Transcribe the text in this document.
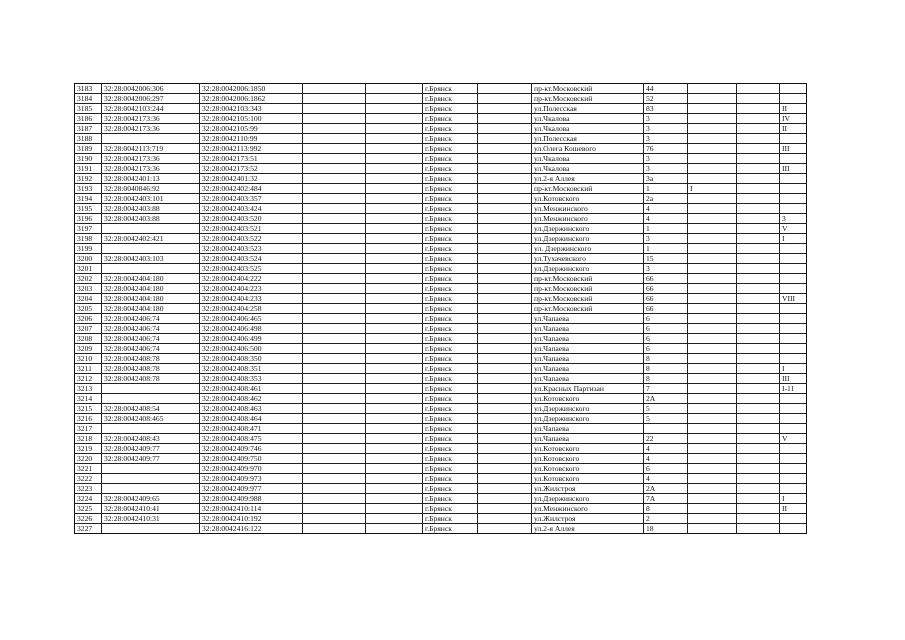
3183	32:28:0042006:306	32:28:0042006:1850			г.Брянск		пр-кт.Московский	44			
3184	32:28:0042006:297	32:28:0042006:1862			г.Брянск		пр-кт.Московский	52			
3185	32:28:0042103:244	32:28:0042103:343			г.Брянск		ул.Полесская	83			II
3186	32:28:0042173:36	32:28:0042105:100			г.Брянск		ул.Чкалова	3			IV
3187	32:28:0042173:36	32:28:0042105:99			г.Брянск		ул.Чкалова	3			II
3188		32:28:0042110:99			г.Брянск		ул.Полесская	3			
3189	32:28:0042113:719	32:28:0042113:992			г.Брянск		ул.Олега Кошевого	76			III
3190	32:28:0042173:36	32:28:0042173:51			г.Брянск		ул.Чкалова	3			
3191	32:28:0042173:36	32:28:0042173:52			г.Брянск		ул.Чкалова	3			III
3192	32:28:0042401:13	32:28:0042401:32			г.Брянск		ул.2-я Аллея	3а			
3193	32:28:0040846:92	32:28:0042402:484			г.Брянск		пр-кт.Московский	1	I		
3194	32:28:0042403:101	32:28:0042403:357			г.Брянск		ул.Котовского	2а			
3195	32:28:0042403:88	32:28:0042403:424			г.Брянск		ул.Менжинского	4			
3196	32:28:0042403:88	32:28:0042403:520			г.Брянск		ул.Менжинского	4			3
3197		32:28:0042403:521			г.Брянск		ул.Дзержинского	1			V
3198	32:28:0042402:421	32:28:0042403:522			г.Брянск		ул.Дзержинского	3			I
3199		32:28:0042403:523			г.Брянск		ул. Дзержинского	1			
3200	32:28:0042403:103	32:28:0042403:524			г.Брянск		ул.Тухачевского	15			
3201		32:28:0042403:525			г.Брянск		ул.Дзержинского	3			
3202	32:28:0042404:180	32:28:0042404:222			г.Брянск		пр-кт.Московский	66			
3203	32:28:0042404:180	32:28:0042404:223			г.Брянск		пр-кт.Московский	66			
3204	32:28:0042404:180	32:28:0042404:233			г.Брянск		пр-кт.Московский	66			VIII
3205	32:28:0042404:180	32:28:0042404:258			г.Брянск		пр-кт.Московский	66			
3206	32:28:0042406:74	32:28:0042406:465			г.Брянск		ул.Чапаева	6			
3207	32:28:0042406:74	32:28:0042406:498			г.Брянск		ул.Чапаева	6			
3208	32:28:0042406:74	32:28:0042406:499			г.Брянск		ул.Чапаева	6			
3209	32:28:0042406:74	32:28:0042406:500			г.Брянск		ул.Чапаева	6			
3210	32:28:0042408:78	32:28:0042408:350			г.Брянск		ул.Чапаева	8			
3211	32:28:0042408:78	32:28:0042408:351			г.Брянск		ул.Чапаева	8			I
3212	32:28:0042408:78	32:28:0042408:353			г.Брянск		ул.Чапаева	8			III
3213		32:28:0042408:461			г.Брянск		ул.Красных Партизан	7			I-11
3214		32:28:0042408:462			г.Брянск		ул.Котовского	2А			
3215	32:28:0042408:54	32:28:0042408:463			г.Брянск		ул.Дзержинского	5			
3216	32:28:0042408:465	32:28:0042408:464			г.Брянск		ул.Дзержинского	5			
3217		32:28:0042408:471			г.Брянск		ул.Чапаева				
3218	32:28:0042408:43	32:28:0042408:475			г.Брянск		ул.Чапаева	22			V
3219	32:28:0042409:77	32:28:0042409:746			г.Брянск		ул.Котовского	4			
3220	32:28:0042409:77	32:28:0042409:750			г.Брянск		ул.Котовского	4			
3221		32:28:0042409:970			г.Брянск		ул.Котовского	6			
3222		32:28:0042409:973			г.Брянск		ул.Котовского	4			
3223		32:28:0042409:977			г.Брянск		ул.Жилстроя	2А			
3224	32:28:0042409:65	32:28:0042409:988			г.Брянск		ул.Дзержинского	7А			I
3225	32:28:0042410:41	32:28:0042410:114			г.Брянск		ул.Менжинского	8			II
3226	32:28:0042410:31	32:28:0042410:192			г.Брянск		ул.Жилстроя	2			
3227		32:28:0042416:122			г.Брянск		ул.2-я Аллея	18			
